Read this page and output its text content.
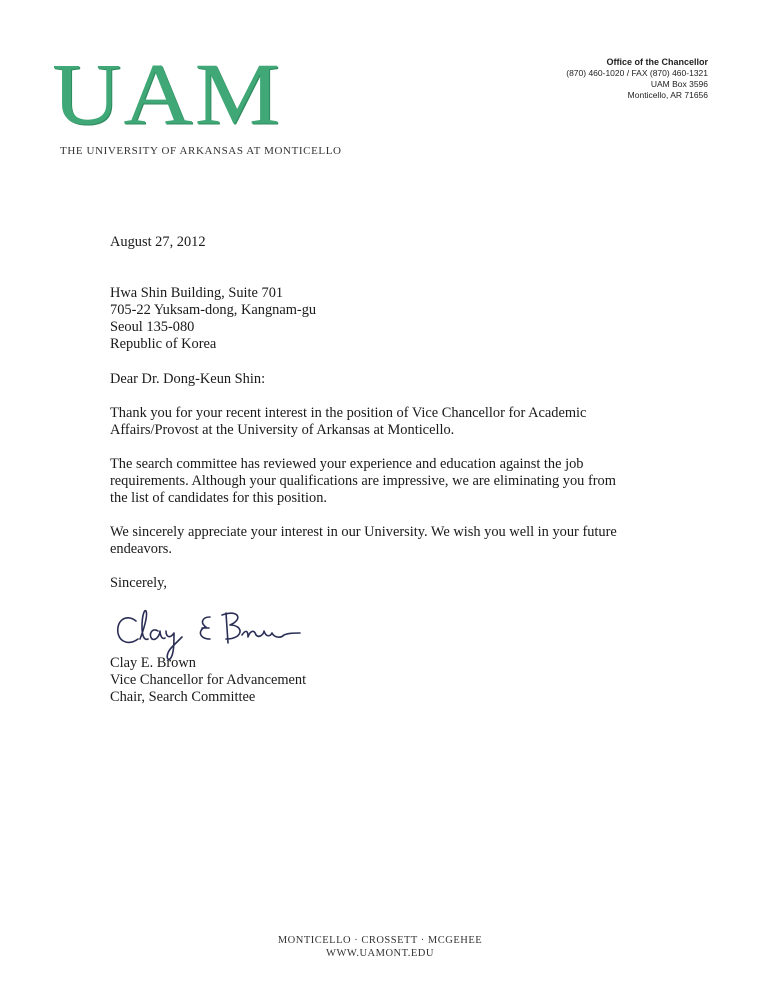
UAM
THE UNIVERSITY OF ARKANSAS AT MONTICELLO
Office of the Chancellor
(870) 460-1020 / FAX (870) 460-1321
UAM Box 3596
Monticello, AR 71656

August 27, 2012

Hwa Shin Building, Suite 701

705-22 Yuksam-dong, Kangnam-gu

Seoul 135-080

Republic of Korea

Dear Dr. Dong-Keun Shin:

Thank you for your recent interest in the position of Vice Chancellor for Academic Affairs/Provost at the University of Arkansas at Monticello.

The search committee has reviewed your experience and education against the job requirements. Although your qualifications are impressive, we are eliminating you from the list of candidates for this position.

We sincerely appreciate your interest in our University. We wish you well in your future endeavors.

Sincerely,

Clay E. Brown
Vice Chancellor for Advancement
Chair, Search Committee
MONTICELLO · CROSSETT · MCGEHEE
WWW.UAMONT.EDU
